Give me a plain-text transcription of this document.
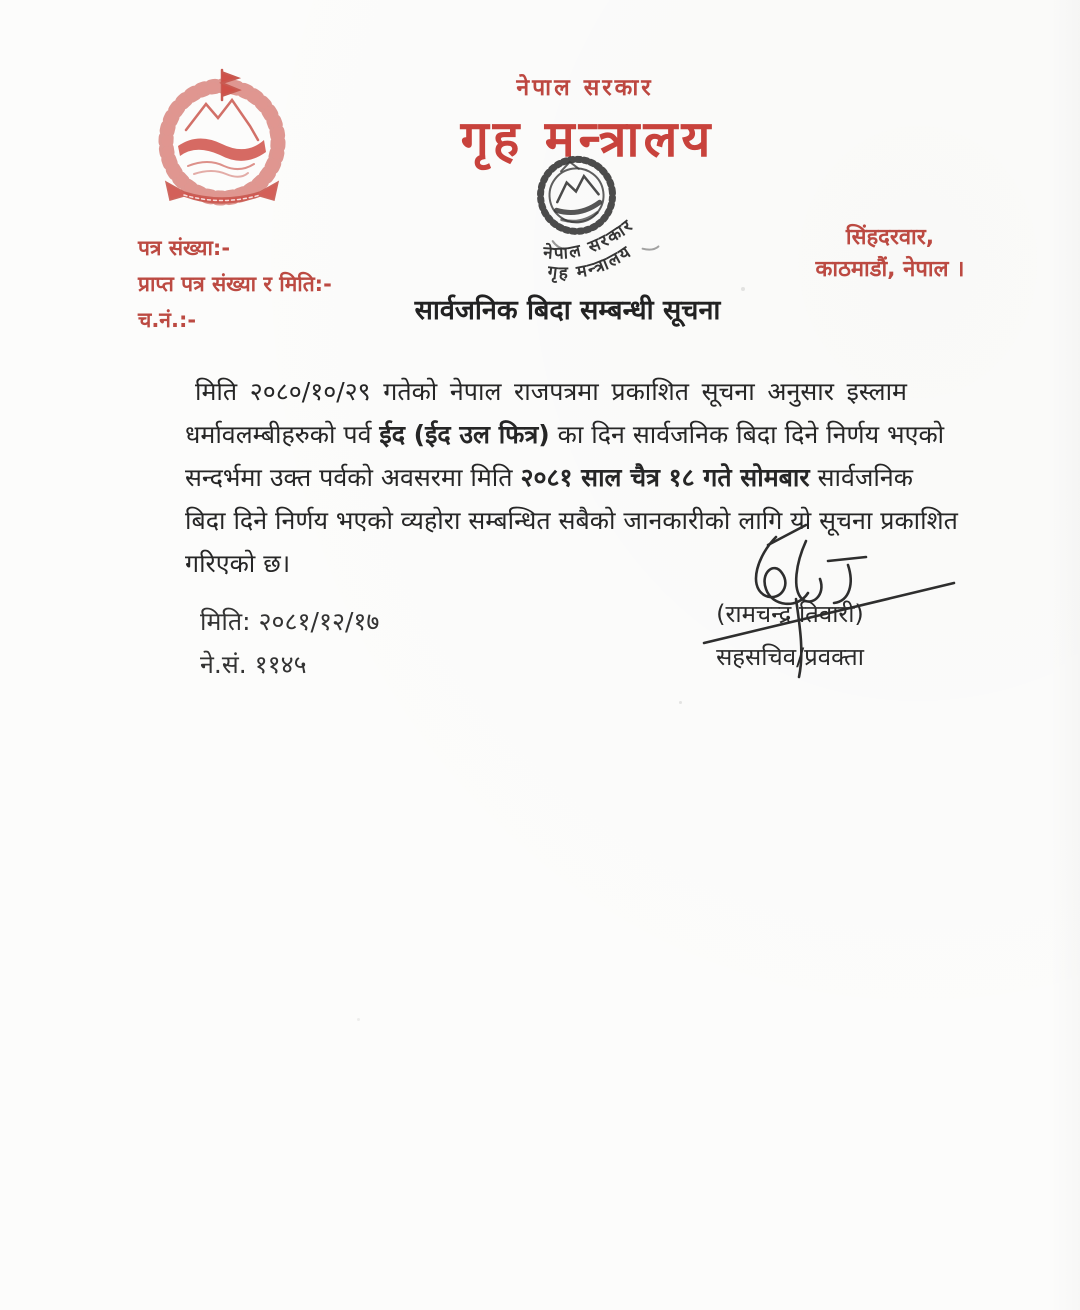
नेपाल सरकार
गृह मन्त्रालय
नेपाल सरकार
गृह मन्त्रालय
पत्र संख्या:-
प्राप्त पत्र संख्या र मिति:-
च.नं.:-
सिंहदरवार,
काठमाडौं, नेपाल ।
सार्वजनिक बिदा सम्बन्धी सूचना
मिति २०८०/१०/२९ गतेको नेपाल राजपत्रमा प्रकाशित सूचना अनुसार इस्लाम
धर्मावलम्बीहरुको पर्व ईद (ईद उल फित्र) का दिन सार्वजनिक बिदा दिने निर्णय भएको
सन्दर्भमा उक्त पर्वको अवसरमा मिति २०८१ साल चैत्र १८ गते सोमबार सार्वजनिक
बिदा दिने निर्णय भएको व्यहोरा सम्बन्धित सबैको जानकारीको लागि यो सूचना प्रकाशित
गरिएको छ।
मिति: २०८१/१२/१७
ने.सं. ११४५
(रामचन्द्र तिवारी)
सहसचिव/प्रवक्ता
